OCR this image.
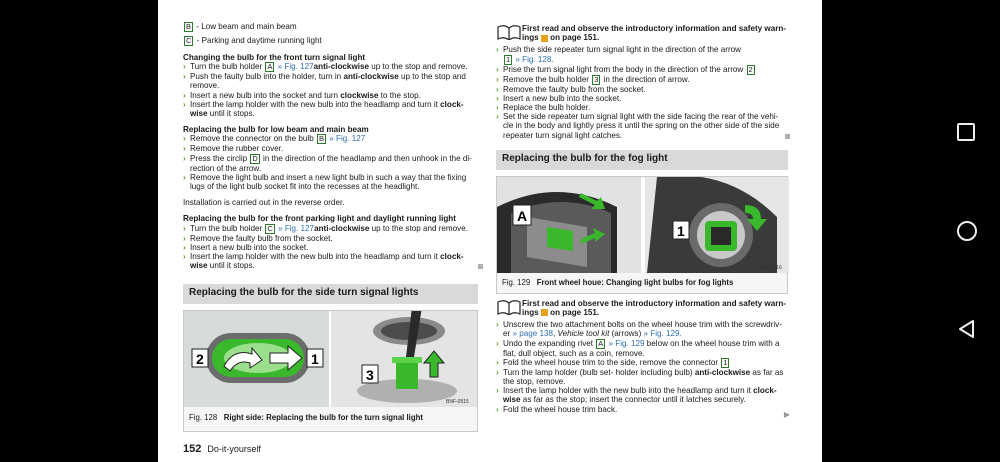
B - Low beam and main beam
C - Parking and daytime running light
Changing the bulb for the front turn signal light
› Turn the bulb holder A » Fig. 127anti-clockwise up to the stop and remove.
› Push the faulty bulb into the holder, turn in anti-clockwise up to the stop and
remove.
› Insert a new bulb into the socket and turn clockwise to the stop.
› Insert the lamp holder with the new bulb into the headlamp and turn it clock-
wise until it stops.
Replacing the bulb for low beam and main beam
› Remove the connector on the bulb B » Fig. 127
› Remove the rubber cover.
› Press the circlip D in the direction of the headlamp and then unhook in the di-
rection of the arrow.
› Remove the light bulb and insert a new light bulb in such a way that the fixing
lugs of the light bulb socket fit into the recesses at the headlight.
Installation is carried out in the reverse order.
Replacing the bulb for the front parking light and daylight running light
› Turn the bulb holder C » Fig. 127anti-clockwise up to the stop and remove.
› Remove the faulty bulb from the socket.
› Insert a new bulb into the socket.
› Insert the lamp holder with the new bulb into the headlamp and turn it clock-
wise until it stops.
Replacing the bulb for the side turn signal lights
2	1
3
BNF-0515
Fig. 128 Right side: Replacing the bulb for the turn signal light
First read and observe the introductory information and safety warn-
ings  on page 151.
› Push the side repeater turn signal light in the direction of the arrow
1 » Fig. 128.
› Prise the turn signal light from the body in the direction of the arrow 2
› Remove the bulb holder 3 in the direction of arrow.
› Remove the faulty bulb from the socket.
› Insert a new bulb into the socket.
› Replace the bulb holder.
› Set the side repeater turn signal light with the side facing the rear of the vehi-
cle in the body and lightly press it until the spring on the other side of the side
repeater turn signal light catches.
Replacing the bulb for the fog light
A
1
BNF-0516
Fig. 129 Front wheel houe: Changing light bulbs for fog lights
First read and observe the introductory information and safety warn-
ings  on page 151.
› Unscrew the two attachment bolts on the wheel house trim with the screwdriv-
er » page 138, Vehicle tool kit (arrows) » Fig. 129.
› Undo the expanding rivet A » Fig. 129 below on the wheel house trim with a
flat, dull object, such as a coin, remove.
› Fold the wheel house trim to the side, remove the connector 1
› Turn the lamp holder (bulb set- holder including bulb) anti-clockwise as far as
the stop, remove.
› Insert the lamp holder with the new bulb into the headlamp and turn it clock-
wise as far as the stop; insert the connector until it latches securely.
› Fold the wheel house trim back.
152 Do-it-yourself
▶
